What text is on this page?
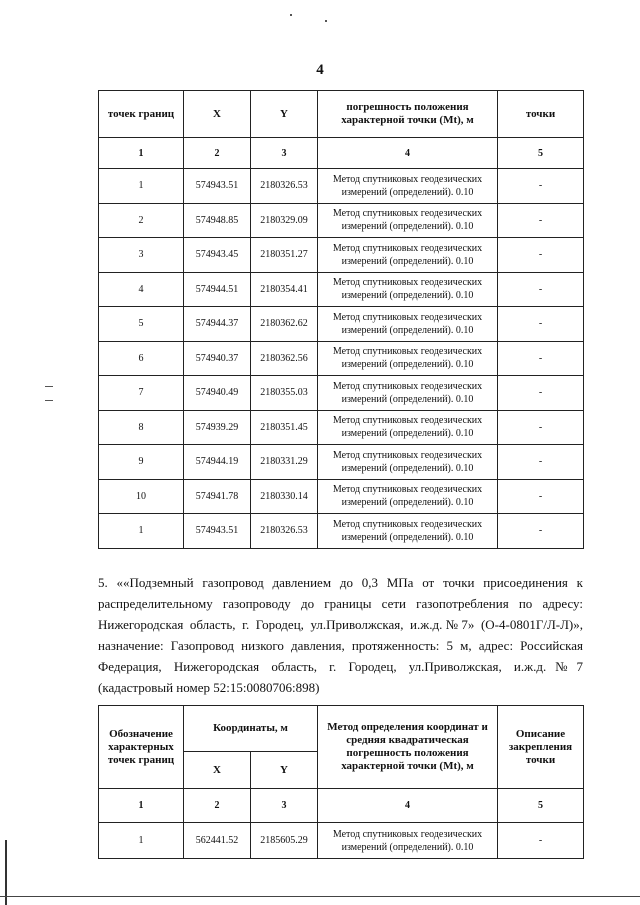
4
точек границ	X	Y	погрешность положения характерной точки (Mt), м	точки
1	2	3	4	5
1	574943.51	2180326.53	Метод спутниковых геодезических измерений (определений). 0.10	-
2	574948.85	2180329.09	Метод спутниковых геодезических измерений (определений). 0.10	-
3	574943.45	2180351.27	Метод спутниковых геодезических измерений (определений). 0.10	-
4	574944.51	2180354.41	Метод спутниковых геодезических измерений (определений). 0.10	-
5	574944.37	2180362.62	Метод спутниковых геодезических измерений (определений). 0.10	-
6	574940.37	2180362.56	Метод спутниковых геодезических измерений (определений). 0.10	-
7	574940.49	2180355.03	Метод спутниковых геодезических измерений (определений). 0.10	-
8	574939.29	2180351.45	Метод спутниковых геодезических измерений (определений). 0.10	-
9	574944.19	2180331.29	Метод спутниковых геодезических измерений (определений). 0.10	-
10	574941.78	2180330.14	Метод спутниковых геодезических измерений (определений). 0.10	-
1	574943.51	2180326.53	Метод спутниковых геодезических измерений (определений). 0.10	-
5. ««Подземный газопровод давлением до 0,3 МПа от точки присоединения к распределительному газопроводу до границы сети газопотребления по адресу: Нижегородская область, г. Городец, ул.Приволжская, и.ж.д.№7» (О-4-0801Г/Л-Л)», назначение: Газопровод низкого давления, протяженность: 5 м, адрес: Российская Федерация, Нижегородская область, г. Городец, ул.Приволжская, и.ж.д.№7 (кадастровый номер 52:15:0080706:898)
Обозначение характерных точек границ	Координаты, м		Метод определения координат и средняя квадратическая погрешность положения характерной точки (Mt), м	Описание закрепления точки
	X	Y		
1	2	3	4	5
1	562441.52	2185605.29	Метод спутниковых геодезических измерений (определений). 0.10	-
